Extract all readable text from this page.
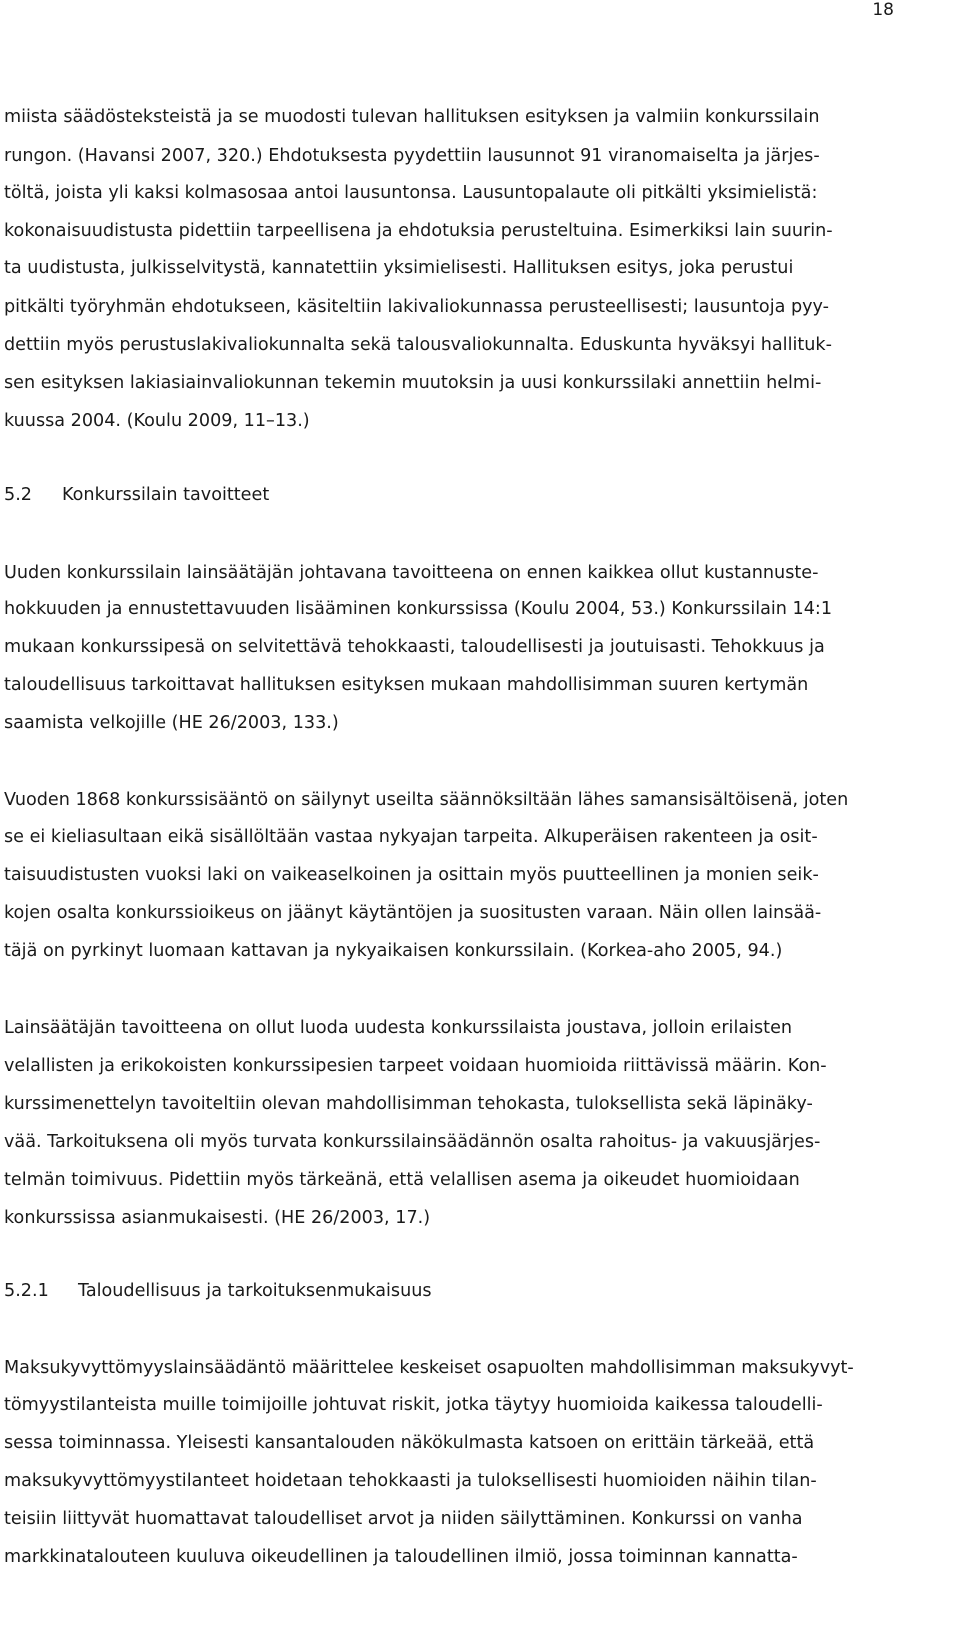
18
miista säädösteksteistä ja se muodosti tulevan hallituksen esityksen ja valmiin konkurssilain
rungon. (Havansi 2007, 320.) Ehdotuksesta pyydettiin lausunnot 91 viranomaiselta ja järjes-
töltä, joista yli kaksi kolmasosaa antoi lausuntonsa. Lausuntopalaute oli pitkälti yksimielistä:
kokonaisuudistusta pidettiin tarpeellisena ja ehdotuksia perusteltuina. Esimerkiksi lain suurin-
ta uudistusta, julkisselvitystä, kannatettiin yksimielisesti. Hallituksen esitys, joka perustui
pitkälti työryhmän ehdotukseen, käsiteltiin lakivaliokunnassa perusteellisesti; lausuntoja pyy-
dettiin myös perustuslakivaliokunnalta sekä talousvaliokunnalta. Eduskunta hyväksyi hallituk-
sen esityksen lakiasiainvaliokunnan tekemin muutoksin ja uusi konkurssilaki annettiin helmi-
kuussa 2004. (Koulu 2009, 11–13.)
5.2 Konkurssilain tavoitteet
Uuden konkurssilain lainsäätäjän johtavana tavoitteena on ennen kaikkea ollut kustannuste-
hokkuuden ja ennustettavuuden lisääminen konkurssissa (Koulu 2004, 53.) Konkurssilain 14:1
mukaan konkurssipesä on selvitettävä tehokkaasti, taloudellisesti ja joutuisasti. Tehokkuus ja
taloudellisuus tarkoittavat hallituksen esityksen mukaan mahdollisimman suuren kertymän
saamista velkojille (HE 26/2003, 133.)
Vuoden 1868 konkurssisääntö on säilynyt useilta säännöksiltään lähes samansisältöisenä, joten
se ei kieliasultaan eikä sisällöltään vastaa nykyajan tarpeita. Alkuperäisen rakenteen ja osit-
taisuudistusten vuoksi laki on vaikeaselkoinen ja osittain myös puutteellinen ja monien seik-
kojen osalta konkurssioikeus on jäänyt käytäntöjen ja suositusten varaan. Näin ollen lainsää-
täjä on pyrkinyt luomaan kattavan ja nykyaikaisen konkurssilain. (Korkea-aho 2005, 94.)
Lainsäätäjän tavoitteena on ollut luoda uudesta konkurssilaista joustava, jolloin erilaisten
velallisten ja erikokoisten konkurssipesien tarpeet voidaan huomioida riittävissä määrin. Kon-
kurssimenettelyn tavoiteltiin olevan mahdollisimman tehokasta, tuloksellista sekä läpinäky-
vää. Tarkoituksena oli myös turvata konkurssilainsäädännön osalta rahoitus- ja vakuusjärjes-
telmän toimivuus. Pidettiin myös tärkeänä, että velallisen asema ja oikeudet huomioidaan
konkurssissa asianmukaisesti. (HE 26/2003, 17.)
5.2.1 Taloudellisuus ja tarkoituksenmukaisuus
Maksukyvyttömyyslainsäädäntö määrittelee keskeiset osapuolten mahdollisimman maksukyvyt-
tömyystilanteista muille toimijoille johtuvat riskit, jotka täytyy huomioida kaikessa taloudelli-
sessa toiminnassa. Yleisesti kansantalouden näkökulmasta katsoen on erittäin tärkeää, että
maksukyvyttömyystilanteet hoidetaan tehokkaasti ja tuloksellisesti huomioiden näihin tilan-
teisiin liittyvät huomattavat taloudelliset arvot ja niiden säilyttäminen. Konkurssi on vanha
markkinatalouteen kuuluva oikeudellinen ja taloudellinen ilmiö, jossa toiminnan kannatta-
